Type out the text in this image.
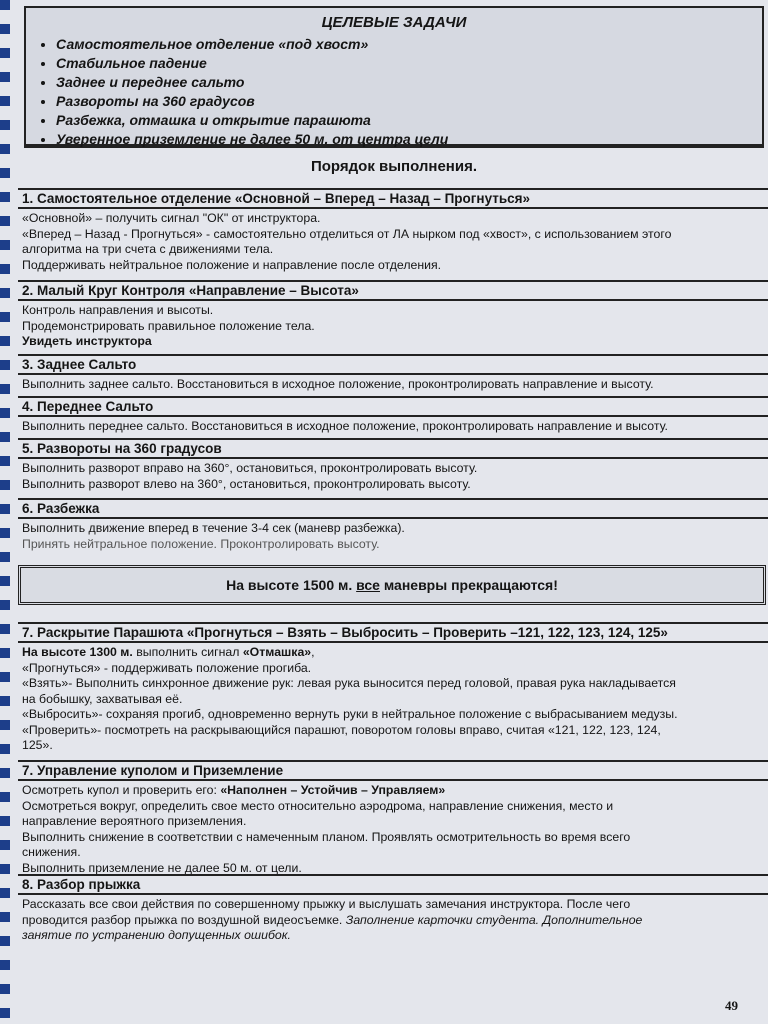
ЦЕЛЕВЫЕ ЗАДАЧИ
• Самостоятельное отделение «под хвост»
• Стабильное падение
• Заднее и переднее сальто
• Развороты на 360 градусов
• Разбежка, отмашка и открытие парашюта
• Уверенное приземление не далее 50 м. от центра цели
Порядок выполнения.
1. Самостоятельное отделение «Основной – Вперед – Назад – Прогнуться»
«Основной» – получить сигнал "ОК" от инструктора.
«Вперед – Назад - Прогнуться» - самостоятельно отделиться от ЛА нырком под «хвост», с использованием этого
алгоритма на три счета с движениями тела.
Поддерживать нейтральное положение и направление после отделения.
2. Малый Круг Контроля «Направление – Высота»
Контроль направления и высоты.
Продемонстрировать правильное положение тела.
Увидеть инструктора
3. Заднее Сальто
Выполнить заднее сальто. Восстановиться в исходное положение, проконтролировать направление и высоту.
4. Переднее Сальто
Выполнить переднее сальто. Восстановиться в исходное положение, проконтролировать направление и высоту.
5. Развороты на 360 градусов
Выполнить разворот вправо на 360°, остановиться, проконтролировать высоту.
Выполнить разворот влево на 360°, остановиться, проконтролировать высоту.
6. Разбежка
Выполнить движение вперед в течение 3-4 сек (маневр разбежка).
Принять нейтральное положение. Проконтролировать высоту.
На высоте 1500 м. все маневры прекращаются!
7. Раскрытие Парашюта «Прогнуться – Взять – Выбросить – Проверить –121, 122, 123, 124, 125»
На высоте 1300 м. выполнить сигнал «Отмашка»,
«Прогнуться» - поддерживать положение прогиба.
«Взять»- Выполнить синхронное движение рук: левая рука выносится перед головой, правая рука накладывается
на бобышку, захватывая её.
«Выбросить»- сохраняя прогиб, одновременно вернуть руки в нейтральное положение с выбрасыванием медузы.
«Проверить»- посмотреть на раскрывающийся парашют, поворотом головы вправо, считая «121, 122, 123, 124,
125».
7. Управление куполом и Приземление
Осмотреть купол и проверить его: «Наполнен – Устойчив – Управляем»
Осмотреться вокруг, определить свое место относительно аэродрома, направление снижения, место и
направление вероятного приземления.
Выполнить снижение в соответствии с намеченным планом. Проявлять осмотрительность во время всего
снижения.
Выполнить приземление не далее 50 м. от цели.
8. Разбор прыжка
Рассказать все свои действия по совершенному прыжку и выслушать замечания инструктора. После чего
проводится разбор прыжка по воздушной видеосъемке. Заполнение карточки студента. Дополнительное
занятие по устранению допущенных ошибок.
49
